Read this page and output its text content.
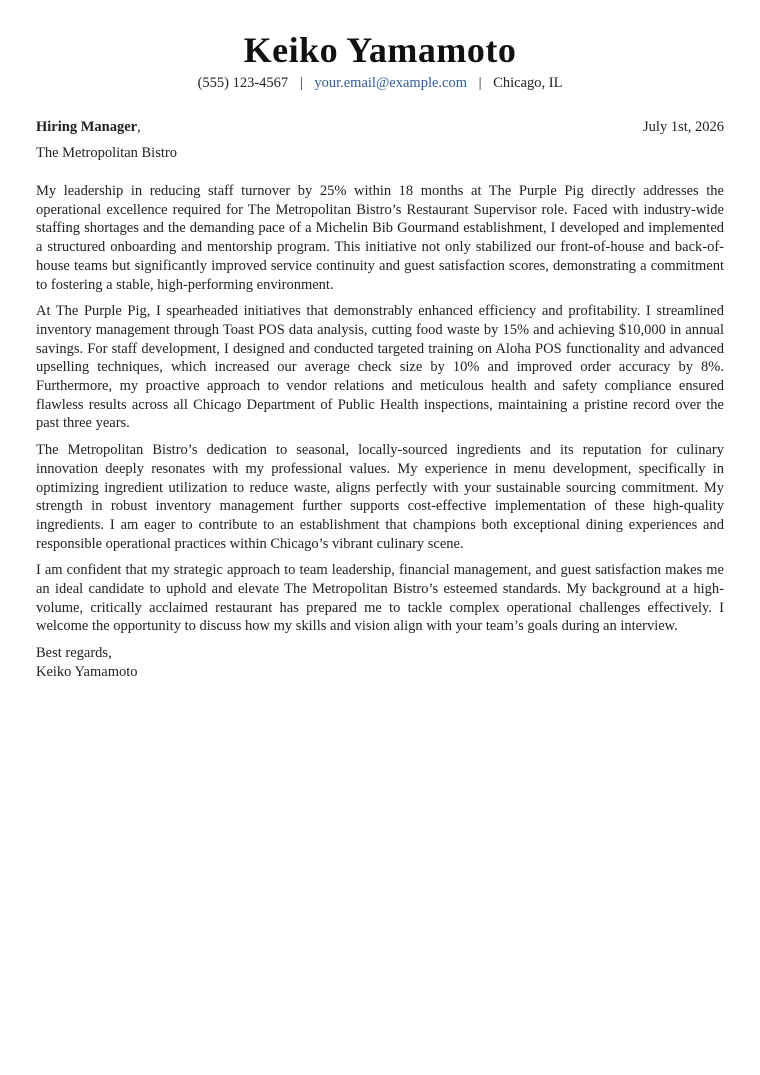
Keiko Yamamoto
(555) 123-4567 | your.email@example.com | Chicago, IL
Hiring Manager,	July 1st, 2026
The Metropolitan Bistro

My leadership in reducing staff turnover by 25% within 18 months at The Purple Pig directly addresses the operational excellence required for The Metropolitan Bistro’s Restaurant Supervisor role. Faced with industry-wide staffing shortages and the demanding pace of a Michelin Bib Gourmand establishment, I developed and implemented a structured onboarding and mentorship program. This initiative not only stabilized our front-of-house and back-of-house teams but significantly improved service continuity and guest satisfaction scores, demonstrating a commitment to fostering a stable, high-performing environment.

At The Purple Pig, I spearheaded initiatives that demonstrably enhanced efficiency and profitability. I streamlined inventory management through Toast POS data analysis, cutting food waste by 15% and achieving $10,000 in annual savings. For staff development, I designed and conducted targeted training on Aloha POS functionality and advanced upselling techniques, which increased our average check size by 10% and improved order accuracy by 8%. Furthermore, my proactive approach to vendor relations and meticulous health and safety compliance ensured flawless results across all Chicago Department of Public Health inspections, maintaining a pristine record over the past three years.

The Metropolitan Bistro’s dedication to seasonal, locally-sourced ingredients and its reputation for culinary innovation deeply resonates with my professional values. My experience in menu development, specifically in optimizing ingredient utilization to reduce waste, aligns perfectly with your sustainable sourcing commitment. My strength in robust inventory management further supports cost-effective implementation of these high-quality ingredients. I am eager to contribute to an establishment that champions both exceptional dining experiences and responsible operational practices within Chicago’s vibrant culinary scene.

I am confident that my strategic approach to team leadership, financial management, and guest satisfaction makes me an ideal candidate to uphold and elevate The Metropolitan Bistro’s esteemed standards. My background at a high-volume, critically acclaimed restaurant has prepared me to tackle complex operational challenges effectively. I welcome the opportunity to discuss how my skills and vision align with your team’s goals during an interview.

Best regards,
Keiko Yamamoto
